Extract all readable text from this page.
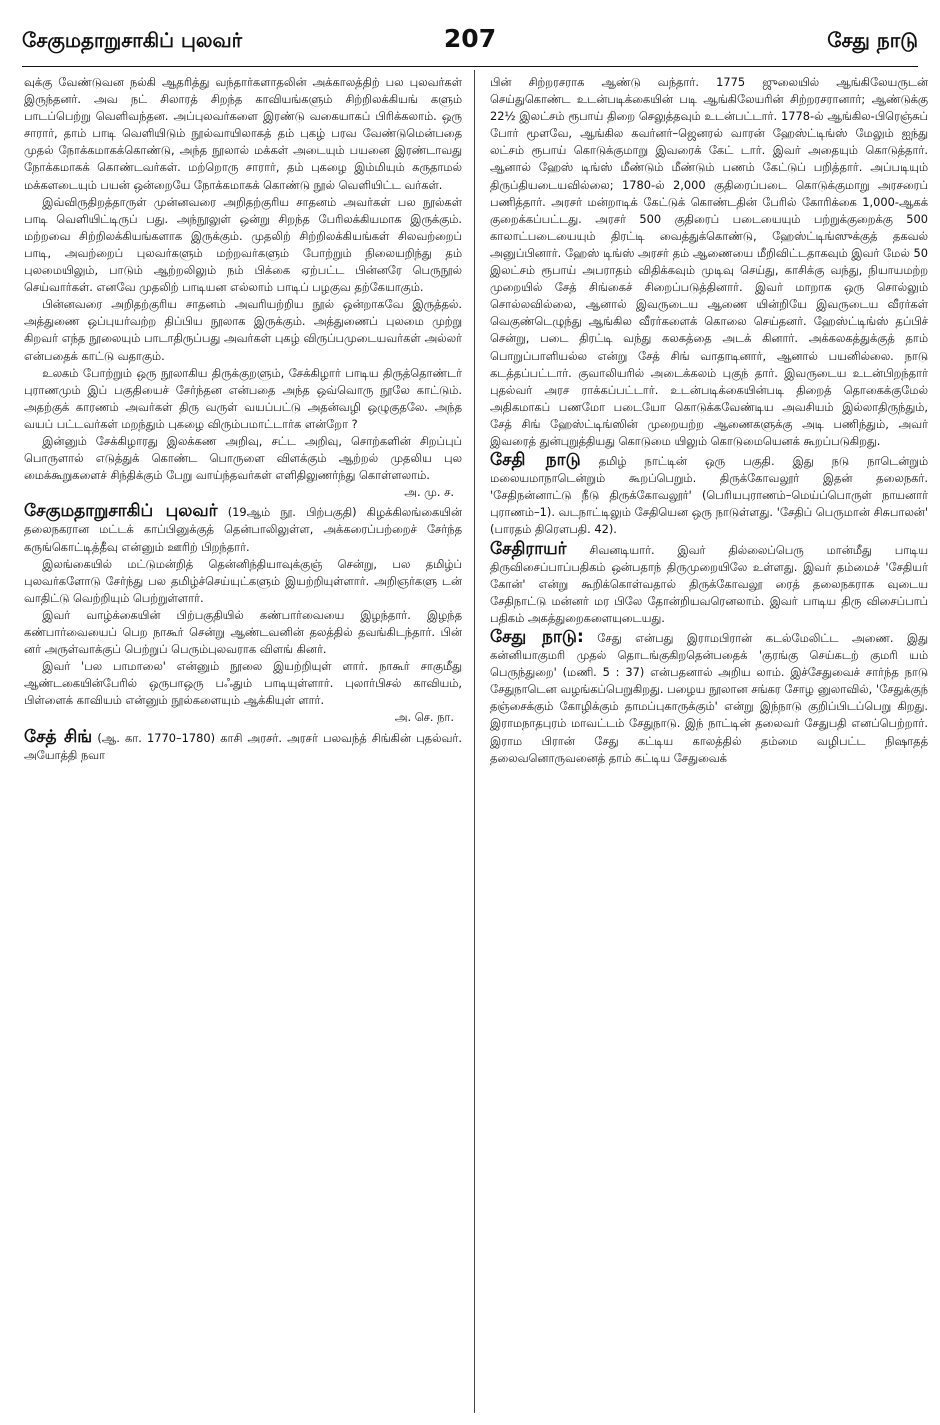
சேகுமதாறுசாகிப் புலவர்	207	சேது நாடு

வுக்கு வேண்டுவன நல்கி ஆதரித்து வந்தார்களாதலின் அக்காலத்திற் பல புலவர்கள் இருந்தனர். அவ நட் சிலாரத் சிறந்த காவியங்களும் சிற்றிலக்கியங் களும் பாடப்பெற்று வெளிவந்தன. அப்புலவர்களை இரண்டு வகையாகப் பிரிக்கலாம். ஒரு சாரார், தாம் பாடி வெளியிடும் நூல்வாயிலாகத் தம் புகழ் பரவ வேண்டுமென்பதை முதல் நோக்கமாகக்கொண்டு, அந்த நூலால் மக்கள் அடையும் பயனை இரண்டாவது நோக்கமாகக் கொண்டவர்கள். மற்றொரு சாரார், தம் புகழை இம்மியும் கருதாமல் மக்களடையும் பயன் ஒன்றையே நோக்கமாகக் கொண்டு நூல் வெளியிட்ட வர்கள்.

இவ்விருதிறத்தாருள் முன்னவரை அறிதற்குரிய சாதனம் அவர்கள் பல நூல்கள் பாடி வெளியிட்டிருப் பது. அந்நூலுள் ஒன்று சிறந்த பேரிலக்கியமாக இருக்கும். மற்றவை சிற்றிலக்கியங்களாக இருக்கும். முதலிற் சிற்றிலக்கியங்கள் சிலவற்றைப் பாடி, அவற்றைப் புலவர்களும் மற்றவர்களும் போற்றும் நிலையறிந்து தம் புலமையிலும், பாடும் ஆற்றலிலும் நம் பிக்கை ஏற்பட்ட பின்னரே பெருநூல் செய்வார்கள். எனவே முதலிற் பாடியன எல்லாம் பாடிப் பழகுவ தற்கேயாகும்.

பின்னவரை அறிதற்குரிய சாதனம் அவரியற்றிய நூல் ஒன்றாகவே இருத்தல். அத்துணை ஒப்புயர்வற்ற திப்பிய நூலாக இருக்கும். அத்துணைப் புலமை முற்று கிறவர் எந்த நூலையும் பாடாதிருப்பது அவர்கள் புகழ் விருப்பமுடையவர்கள் அல்லர் என்பதைக் காட்டு வதாகும்.

உலகம் போற்றும் ஒரு நூலாகிய திருக்குறளும், சேக்கிழார் பாடிய திருத்தொண்டர் புராணமும் இப் பகுதியைச் சேர்ந்தன என்பதை அந்த ஒவ்வொரு நூலே காட்டும். அதற்குக் காரணம் அவர்கள் திரு வருள் வயப்பட்டு அதன்வழி ஒழுகுதலே. அந்த வயப் பட்டவர்கள் மறந்தும் புகழை விரும்பமாட்டார்க ளன்றோ ?

இன்னும் சேக்கிழாரது இலக்கண அறிவு, சட்ட அறிவு, சொற்களின் சிறப்புப் பொருளால் எடுத்துக் கொண்ட பொருளை விளக்கும் ஆற்றல் முதலிய புல மைக்கூறுகளைச் சிந்திக்கும் பேறு வாய்ந்தவர்கள் எளிதிலுணர்ந்து கொள்ளலாம்.

அ. மு. ச.

சேகுமதாறுசாகிப் புலவர் (19ஆம் நூ. பிற்பகுதி) கிழக்கிலங்கையின் தலைநகரான மட்டக் காப்பினுக்குத் தென்பாலிலுள்ள, அக்கரைப்பற்றைச் சேர்ந்த கருங்கொட்டித்தீவு என்னும் ஊரிற் பிறந்தார்.

இலங்கையில் மட்டுமன்றித் தென்னிந்தியாவுக்குஞ் சென்று, பல தமிழ்ப் புலவர்களோடு சேர்ந்து பல தமிழ்ச்செய்யுட்களும் இயற்றியுள்ளார். அறிஞர்களு டன் வாதிட்டு வெற்றியும் பெற்றுள்ளார்.

இவர் வாழ்க்கையின் பிற்பகுதியில் கண்பார்வையை இழந்தார். இழந்த கண்பார்வையைப் பெற நாகூர் சென்று ஆண்டவனின் தலத்தில் தவங்கிடந்தார். பின் னர் அருள்வாக்குப் பெற்றுப் பெரும்புலவராக விளங் கினர்.

இவர் 'பல பாமாலை' என்னும் நூலை இயற்றியுள் ளார். நாகூர் சாகுமீது ஆண்டகையின்பேரில் ஒருபாஒரு பஃதும் பாடியுள்ளார். புலார்பிசல் காவியம், பிள்ளைக் காவியம் என்னும் நூல்களையும் ஆக்கியுள் ளார்.

அ. செ. நா.

சேத் சிங் (ஆ. கா. 1770–1780) காசி அரசர். அரசர் பலவந்த் சிங்கின் புதல்வர். அயோத்தி நவா

பின் சிற்றரசராக ஆண்டு வந்தார். 1775 ஜுலையில் ஆங்கிலேயருடன் செய்துகொண்ட உடன்படிக்கையின் படி ஆங்கிலேயரின் சிற்றரசரானார்; ஆண்டுக்கு 22½ இலட்சம் ரூபாய் திறை செலுத்தவும் உடன்பட்டார். 1778-ல் ஆங்கில-பிரெஞ்சுப் போர் மூளவே, ஆங்கில கவர்னர்–ஜெனரல் வாரன் ஹேஸ்ட்டிங்ஸ் மேலும் ஐந்து லட்சம் ரூபாய் கொடுக்குமாறு இவரைக் கேட் டார். இவர் அதையும் கொடுத்தார். ஆனால் ஹேஸ் டிங்ஸ் மீண்டும் மீண்டும் பணம் கேட்டுப் பறித்தார். அப்படியும் திருப்தியடையவில்லை; 1780-ல் 2,000 குதிரைப்படை கொடுக்குமாறு அரசரைப் பணித்தார். அரசர் மன்றாடிக் கேட்டுக் கொண்டதின் பேரில் கோரிக்கை 1,000-ஆகக் குறைக்கப்பட்டது. அரசர் 500 குதிரைப் படையையும் பற்றுக்குறைக்கு 500 காலாட்படையையும் திரட்டி வைத்துக்கொண்டு, ஹேஸ்ட்டிங்ஸுக்குத் தகவல் அனுப்பினார். ஹேஸ் டிங்ஸ் அரசர் தம் ஆணையை மீறிவிட்டதாகவும் இவர் மேல் 50 இலட்சம் ரூபாய் அபராதம் விதிக்கவும் முடிவு செய்து, காசிக்கு வந்து, நியாயமற்ற முறையில் சேத் சிங்கைச் சிறைப்படுத்தினார். இவர் மாறாக ஒரு சொல்லும் சொல்லவில்லை, ஆனால் இவருடைய ஆணை யின்றியே இவருடைய வீரர்கள் வெகுண்டெழுந்து ஆங்கில வீரர்களைக் கொலை செய்தனர். ஹேஸ்ட்டிங்ஸ் தப்பிச் சென்று, படை திரட்டி வந்து கலகத்தை அடக் கினார். அக்கலகத்துக்குத் தாம் பொறுப்பாளியல்ல என்று சேத் சிங் வாதாடினார், ஆனால் பயனில்லை. நாடு கடத்தப்பட்டார். குவாலியரில் அடைக்கலம் புகுந் தார். இவருடைய உடன்பிறந்தார் புதல்வர் அரச ராக்கப்பட்டார். உடன்படிக்கையின்படி திறைத் தொகைக்குமேல் அதிகமாகப் பணமோ படையோ கொடுக்கவேண்டிய அவசியம் இல்லாதிருந்தும், சேத் சிங் ஹேஸ்ட்டிங்ஸின் முறையற்ற ஆணைகளுக்கு அடி பணிந்தும், அவர் இவரைத் துன்புறுத்தியது கொடுமை யிலும் கொடுமையெனக் கூறப்படுகிறது.

சேதி நாடு தமிழ் நாட்டின் ஒரு பகுதி. இது நடு நாடென்றும் மலையமாநாடென்றும் கூறப்பெறும். திருக்கோவலூர் இதன் தலைநகர். 'சேதிநன்னாட்டு நீடு திருக்கோவலூர்' (பெரியபுராணம்–மெய்ப்பொருள் நாயனார் புராணம்–1). வடநாட்டிலும் சேதியென ஒரு நாடுள்ளது. 'சேதிப் பெருமான் சிசுபாலன்' (பாரதம் திரௌபதி. 42).

சேதிராயர் சிவனடியார். இவர் தில்லைப்பெரு மான்மீது பாடிய திருவிசைப்பாப்பதிகம் ஒன்பதாந் திருமுறையிலே உள்ளது. இவர் தம்மைச் 'சேதியர் கோன்' என்று கூறிக்கொள்வதால் திருக்கோவலூ ரைத் தலைநகராக வுடைய சேதிநாட்டு மன்னர் மர பிலே தோன்றியவரெனலாம். இவர் பாடிய திரு விசைப்பாப் பதிகம் அகத்துறைகளையுடையது.

சேது நாடு: சேது என்பது இராமபிரான் கடல்மேலிட்ட அணை. இது கன்னியாகுமரி முதல் தொடங்குகிறதென்பதைக் 'குரங்கு செய்கடற் குமரி யம் பெருந்துறை' (மணி. 5 : 37) என்பதனால் அறிய லாம். இச்சேதுவைச் சார்ந்த நாடு சேதுநாடென வழங்கப்பெறுகிறது. பழைய நூலான சங்கர சோழ னுலாவில், 'சேதுக்குந் தஞ்சைக்கும் கோழிக்கும் தாமப்புகாருக்கும்' என்று இந்நாடு குறிப்பிடப்பெறு கிறது. இராமநாதபுரம் மாவட்டம் சேதுநாடு. இந் நாட்டின் தலைவர் சேதுபதி எனப்பெற்றார். இராம பிரான் சேது கட்டிய காலத்தில் தம்மை வழிபட்ட நிஷாதத் தலைவனொருவனைத் தாம் கட்டிய சேதுவைக்
